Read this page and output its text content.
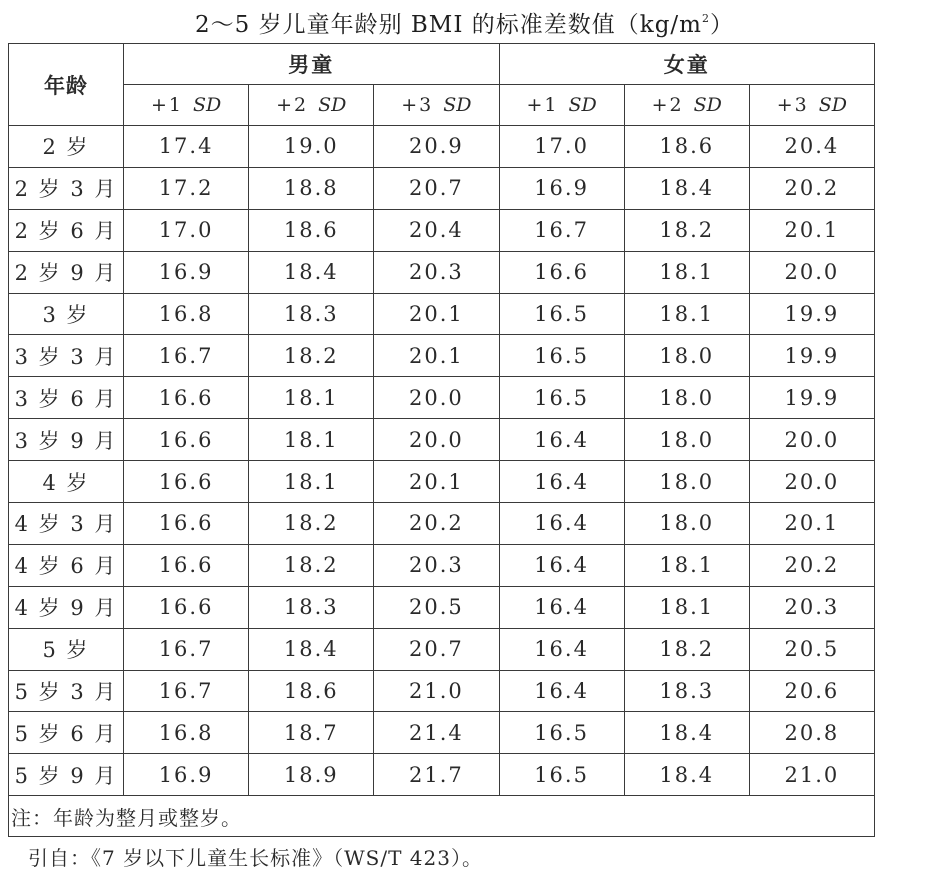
2～5 岁儿童年龄别 BMI 的标准差数值$(kg/m^2)$
年龄	男童			女童		
	+1 SD	+2 SD	+3 SD	+1 SD	+2 SD	+3 SD
2 岁	17.4	19.0	20.9	17.0	18.6	20.4
2 岁 3 月	17.2	18.8	20.7	16.9	18.4	20.2
2 岁 6 月	17.0	18.6	20.4	16.7	18.2	20.1
2 岁 9 月	16.9	18.4	20.3	16.6	18.1	20.0
3 岁	16.8	18.3	20.1	16.5	18.1	19.9
3 岁 3 月	16.7	18.2	20.1	16.5	18.0	19.9
3 岁 6 月	16.6	18.1	20.0	16.5	18.0	19.9
3 岁 9 月	16.6	18.1	20.0	16.4	18.0	20.0
4 岁	16.6	18.1	20.1	16.4	18.0	20.0
4 岁 3 月	16.6	18.2	20.2	16.4	18.0	20.1
4 岁 6 月	16.6	18.2	20.3	16.4	18.1	20.2
4 岁 9 月	16.6	18.3	20.5	16.4	18.1	20.3
5 岁	16.7	18.4	20.7	16.4	18.2	20.5
5 岁 3 月	16.7	18.6	21.0	16.4	18.3	20.6
5 岁 6 月	16.8	18.7	21.4	16.5	18.4	20.8
5 岁 9 月	16.9	18.9	21.7	16.5	18.4	21.0
注：年龄为整月或整岁。						
引自：《7 岁以下儿童生长标准》（WS/T 423）。
